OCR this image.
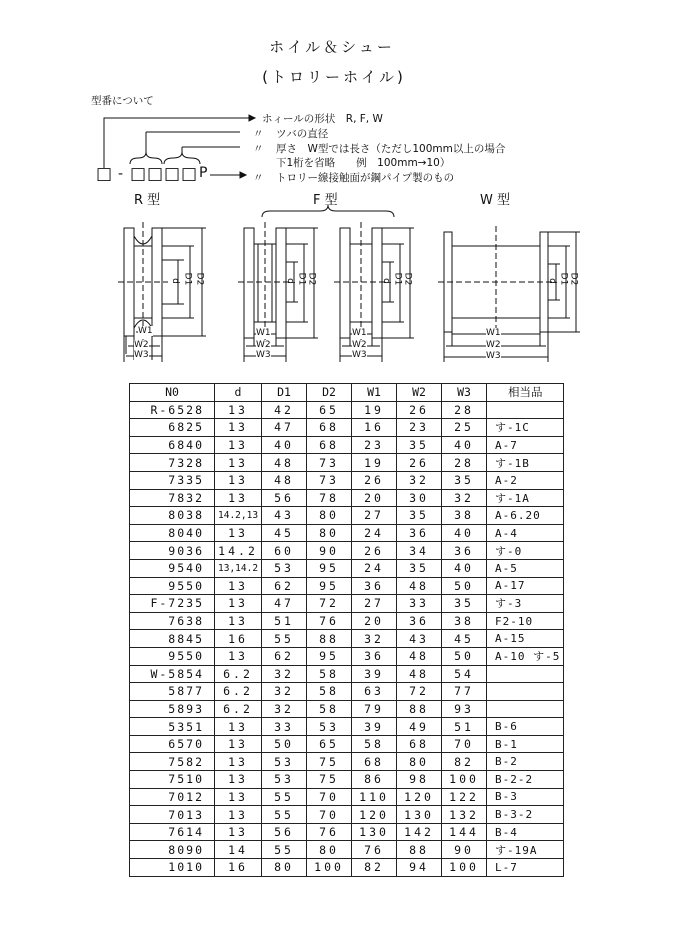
ホイル＆シュー
(トロリーホイル)
型番について
ホィールの形状　R, F, W
ツバの直径
厚さ　W型では長さ（ただし100mm以上の場合
下1桁を省略　　例　100mm→10）
トロリー線接触面が鋼パイプ製のもの
〃
〃
〃
□ - □ □ □ □ P
R 型	F 型	W 型
d D1 D2
W1
W2
W3
d D1 D2
W1
W2
W3
d D1 D2
W1
W2
W3
d D1 D2
W1
W2
W3
N0	d	D1	D2	W1	W2	W3	相当品
R-6528	13	42	65	19	26	28	
6825	13	47	68	16	23	25	す-1C
6840	13	40	68	23	35	40	A-7
7328	13	48	73	19	26	28	す-1B
7335	13	48	73	26	32	35	A-2
7832	13	56	78	20	30	32	す-1A
8038	14.2,13	43	80	27	35	38	A-6.20
8040	13	45	80	24	36	40	A-4
9036	14.2	60	90	26	34	36	す-0
9540	13,14.2	53	95	24	35	40	A-5
9550	13	62	95	36	48	50	A-17
F-7235	13	47	72	27	33	35	す-3
7638	13	51	76	20	36	38	F2-10
8845	16	55	88	32	43	45	A-15
9550	13	62	95	36	48	50	A-10 す-5
W-5854	6.2	32	58	39	48	54	
5877	6.2	32	58	63	72	77	
5893	6.2	32	58	79	88	93	
5351	13	33	53	39	49	51	B-6
6570	13	50	65	58	68	70	B-1
7582	13	53	75	68	80	82	B-2
7510	13	53	75	86	98	100	B-2-2
7012	13	55	70	110	120	122	B-3
7013	13	55	70	120	130	132	B-3-2
7614	13	56	76	130	142	144	B-4
8090	14	55	80	76	88	90	す-19A
1010	16	80	100	82	94	100	L-7
